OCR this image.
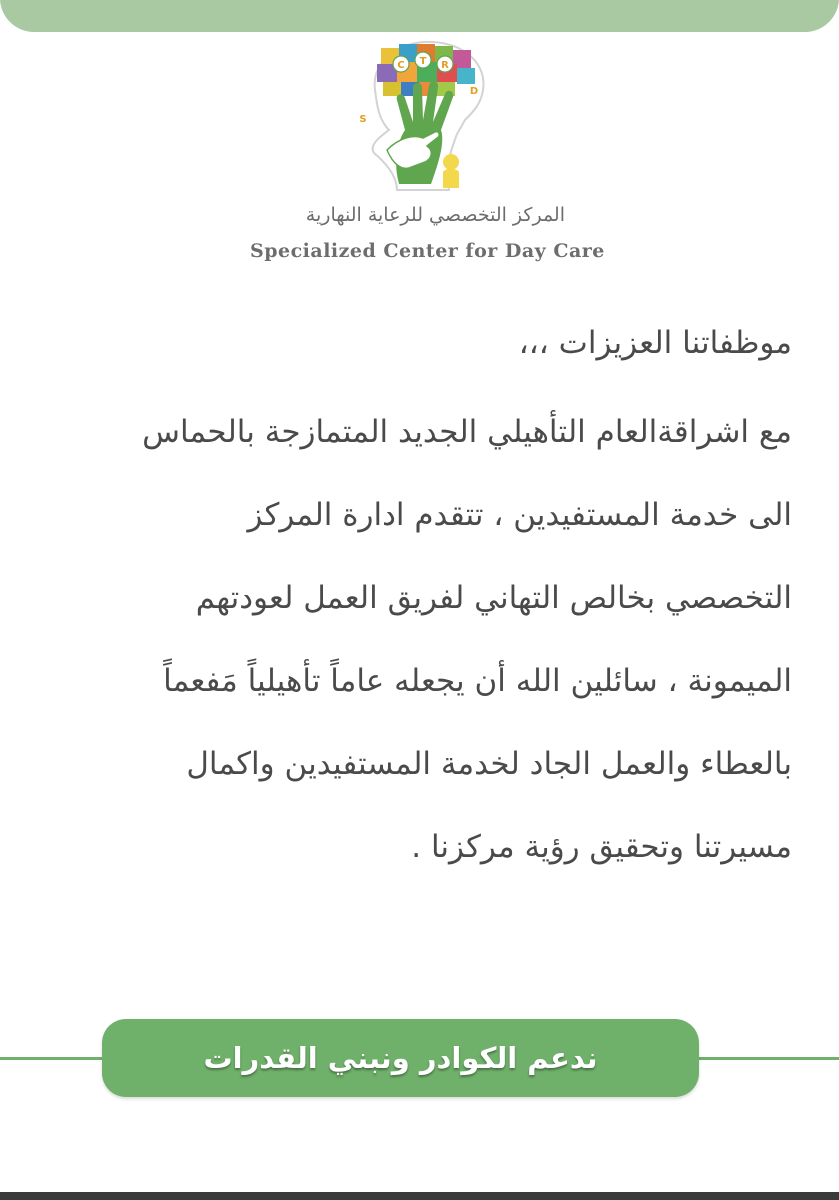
C T R
D
S
المركز التخصصي للرعاية النهارية
Specialized Center for Day Care

موظفاتنا العزيزات ،،،

مع اشراقةالعام التأهيلي الجديد المتمازجة بالحماس

الى خدمة المستفيدين ، تتقدم ادارة المركز

التخصصي بخالص التهاني لفريق العمل لعودتهم

الميمونة ، سائلين الله أن يجعله عاماً تأهيلياً مَفعماً

بالعطاء والعمل الجاد لخدمة المستفيدين واكمال

مسيرتنا وتحقيق رؤية مركزنا .

ندعم الكوادر ونبني القدرات
